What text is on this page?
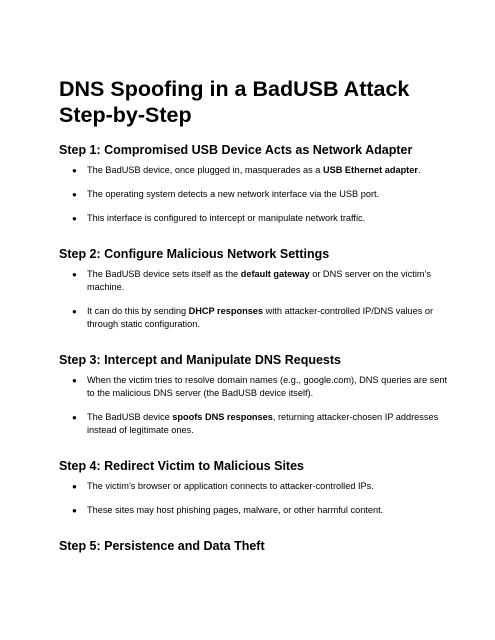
DNS Spoofing in a BadUSB Attack Step-by-Step
Step 1: Compromised USB Device Acts as Network Adapter
● The BadUSB device, once plugged in, masquerades as a USB Ethernet adapter.
● The operating system detects a new network interface via the USB port.
● This interface is configured to intercept or manipulate network traffic.
Step 2: Configure Malicious Network Settings
● The BadUSB device sets itself as the default gateway or DNS server on the victim’s machine.
● It can do this by sending DHCP responses with attacker-controlled IP/DNS values or through static configuration.
Step 3: Intercept and Manipulate DNS Requests
● When the victim tries to resolve domain names (e.g., google.com), DNS queries are sent to the malicious DNS server (the BadUSB device itself).
● The BadUSB device spoofs DNS responses, returning attacker-chosen IP addresses instead of legitimate ones.
Step 4: Redirect Victim to Malicious Sites
● The victim’s browser or application connects to attacker-controlled IPs.
● These sites may host phishing pages, malware, or other harmful content.
Step 5: Persistence and Data Theft
